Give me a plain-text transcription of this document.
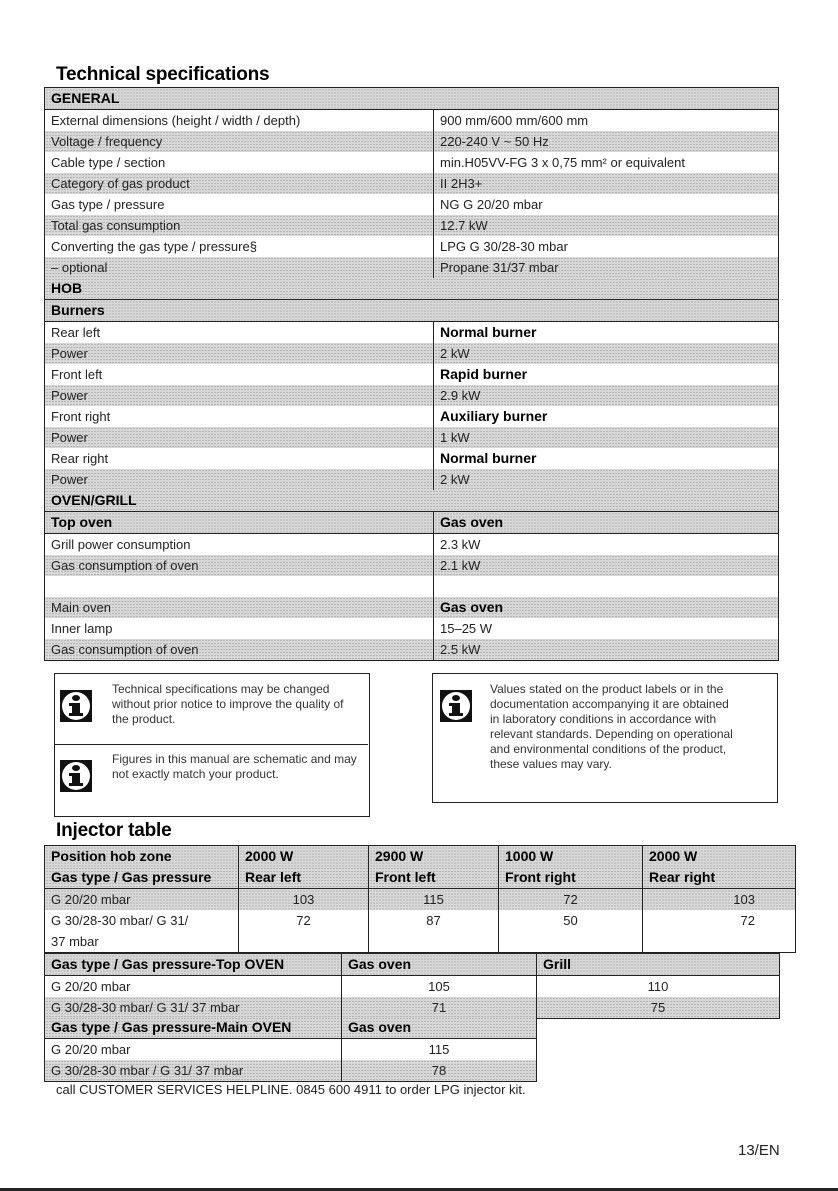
Technical specifications
GENERAL	
External dimensions (height / width / depth)	900 mm/600 mm/600 mm
Voltage / frequency	220-240 V ~ 50 Hz
Cable type / section	min.H05VV-FG 3 x 0,75 mm² or equivalent
Category of gas product	II 2H3+
Gas type / pressure	NG G 20/20 mbar
Total gas consumption	12.7 kW
Converting the gas type / pressure§	LPG G 30/28-30 mbar
– optional	Propane 31/37 mbar
HOB	
Burners	
Rear left	Normal burner
Power	2 kW
Front left	Rapid burner
Power	2.9 kW
Front right	Auxiliary burner
Power	1 kW
Rear right	Normal burner
Power	2 kW
OVEN/GRILL	
Top oven	Gas oven
Grill power consumption	2.3 kW
Gas consumption of oven	2.1 kW

Main oven	Gas oven
Inner lamp	15–25 W
Gas consumption of oven	2.5 kW
Technical specifications may be changed
without prior notice to improve the quality of
the product.
Figures in this manual are schematic and may
not exactly match your product.
Values stated on the product labels or in the
documentation accompanying it are obtained
in laboratory conditions in accordance with
relevant standards. Depending on operational
and environmental conditions of the product,
these values may vary.
Injector table
Position hob zone	2000 W	2900 W	1000 W	2000 W
Gas type / Gas pressure	Rear left	Front left	Front right	Rear right
G 20/20 mbar	103	115	72	103
G 30/28-30 mbar/ G 31/	72	87	50	72
37 mbar				
Gas type / Gas pressure-Top OVEN	Gas oven	Grill
G 20/20 mbar	105	110
G 30/28-30 mbar/ G 31/ 37 mbar	71	75
Gas type / Gas pressure-Main OVEN	Gas oven
G 20/20 mbar	115
G 30/28-30 mbar / G 31/ 37 mbar	78
call CUSTOMER SERVICES HELPLINE. 0845 600 4911 to order LPG injector kit.
13/EN
